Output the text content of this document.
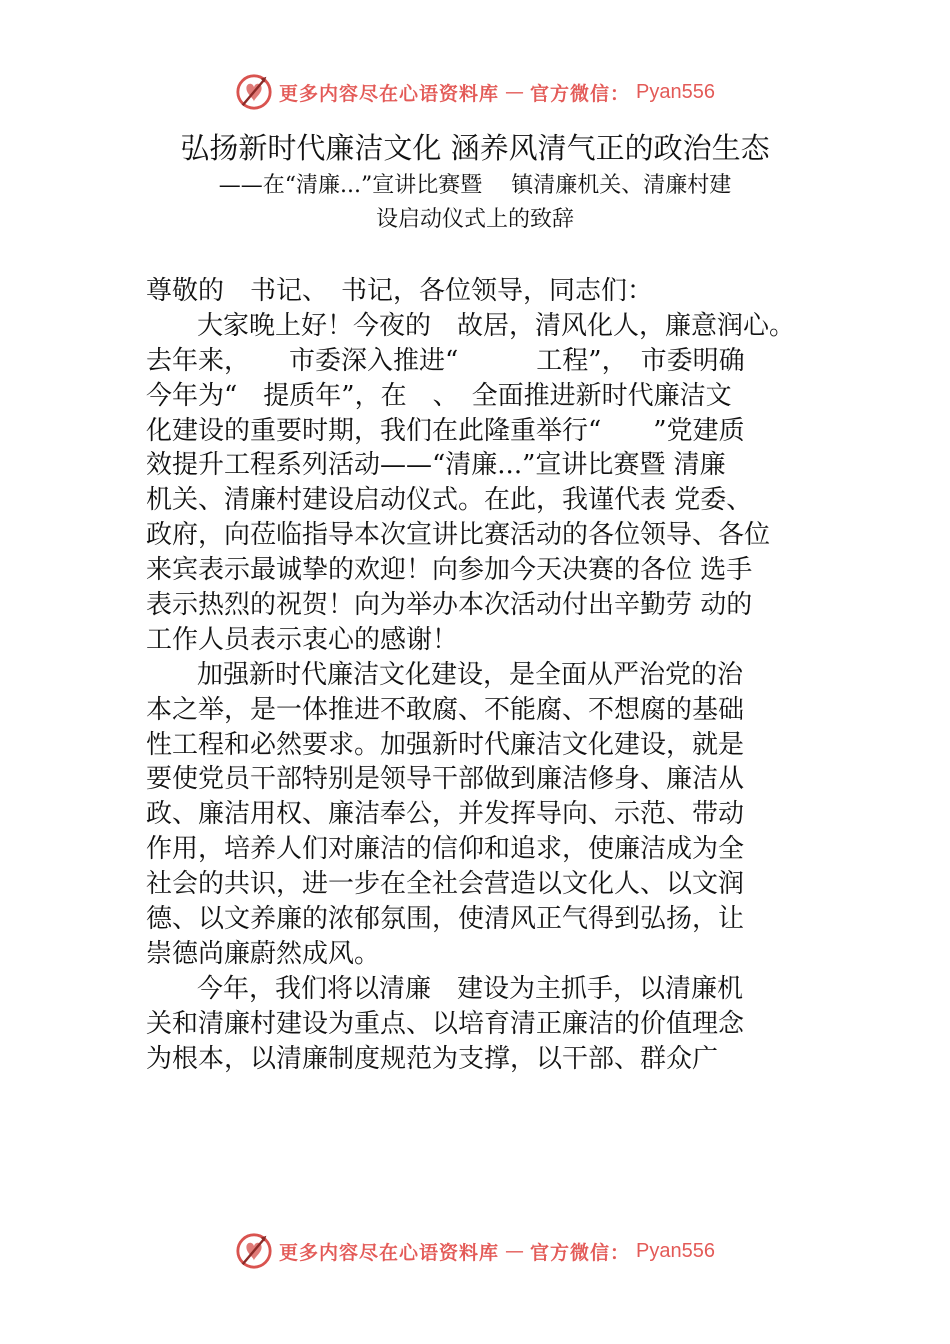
更多内容尽在心语资料库 — 官方微信： Pyan556
弘扬新时代廉洁文化 涵养风清气正的政治生态
——在“清廉...”宣讲比赛暨　 镇清廉机关、清廉村建
设启动仪式上的致辞
尊敬的　书记、　书记，各位领导，同志们：
大家晚上好！今夜的　故居，清风化人，廉意润心。
去年来，　　市委深入推进“　　　工程”，　市委明确
今年为“　提质年”，在　、　全面推进新时代廉洁文
化建设的重要时期，我们在此隆重举行“　　”党建质
效提升工程系列活动——“清廉...”宣讲比赛暨 清廉
机关、清廉村建设启动仪式。在此，我谨代表 党委、
政府，向莅临指导本次宣讲比赛活动的各位领导、各位
来宾表示最诚挚的欢迎！向参加今天决赛的各位 选手
表示热烈的祝贺！向为举办本次活动付出辛勤劳 动的
工作人员表示衷心的感谢！
加强新时代廉洁文化建设，是全面从严治党的治
本之举，是一体推进不敢腐、不能腐、不想腐的基础
性工程和必然要求。加强新时代廉洁文化建设，就是
要使党员干部特别是领导干部做到廉洁修身、廉洁从
政、廉洁用权、廉洁奉公，并发挥导向、示范、带动
作用，培养人们对廉洁的信仰和追求，使廉洁成为全
社会的共识，进一步在全社会营造以文化人、以文润
德、以文养廉的浓郁氛围，使清风正气得到弘扬，让
崇德尚廉蔚然成风。
今年，我们将以清廉　建设为主抓手，以清廉机
关和清廉村建设为重点、以培育清正廉洁的价值理念
为根本，以清廉制度规范为支撑，以干部、群众广
更多内容尽在心语资料库 — 官方微信： Pyan556
